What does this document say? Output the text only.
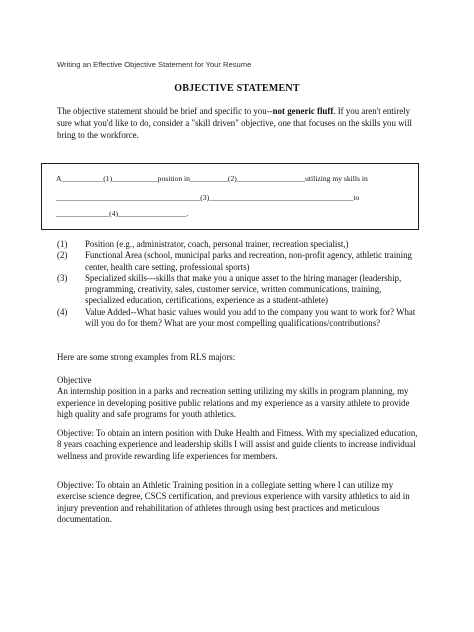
Writing an Effective Objective Statement for Your Resume
OBJECTIVE STATEMENT
The objective statement should be brief and specific to you--not generic fluff. If you aren't entirely sure what you'd like to do, consider a "skill driven" objective, one that focuses on the skills you will bring to the workforce.
A___________(1)____________position in__________(2)__________________utilizing my skills in
______________________________________(3)______________________________________to
______________(4)__________________.
(1)	Position (e.g., administrator, coach, personal trainer, recreation specialist,)
(2)	Functional Area (school, municipal parks and recreation, non-profit agency, athletic training center, health care setting, professional sports)
(3)	Specialized skills---skills that make you a unique asset to the hiring manager (leadership, programming, creativity, sales, customer service, written communications, training, specialized education, certifications, experience as a student-athlete)
(4)	Value Added--What basic values would you add to the company you want to work for? What will you do for them? What are your most compelling qualifications/contributions?
Here are some strong examples from RLS majors:
Objective
An internship position in a parks and recreation setting utilizing my skills in program planning, my experience in developing positive public relations and my experience as a varsity athlete to provide high quality and safe programs for youth athletics.
Objective: To obtain an intern position with Duke Health and Fitness. With my specialized education, 8 years coaching experience and leadership skills I will assist and guide clients to increase individual wellness and provide rewarding life experiences for members.
Objective: To obtain an Athletic Training position in a collegiate setting where I can utilize my exercise science degree, CSCS certification, and previous experience with varsity athletics to aid in injury prevention and rehabilitation of athletes through using best practices and meticulous documentation.
